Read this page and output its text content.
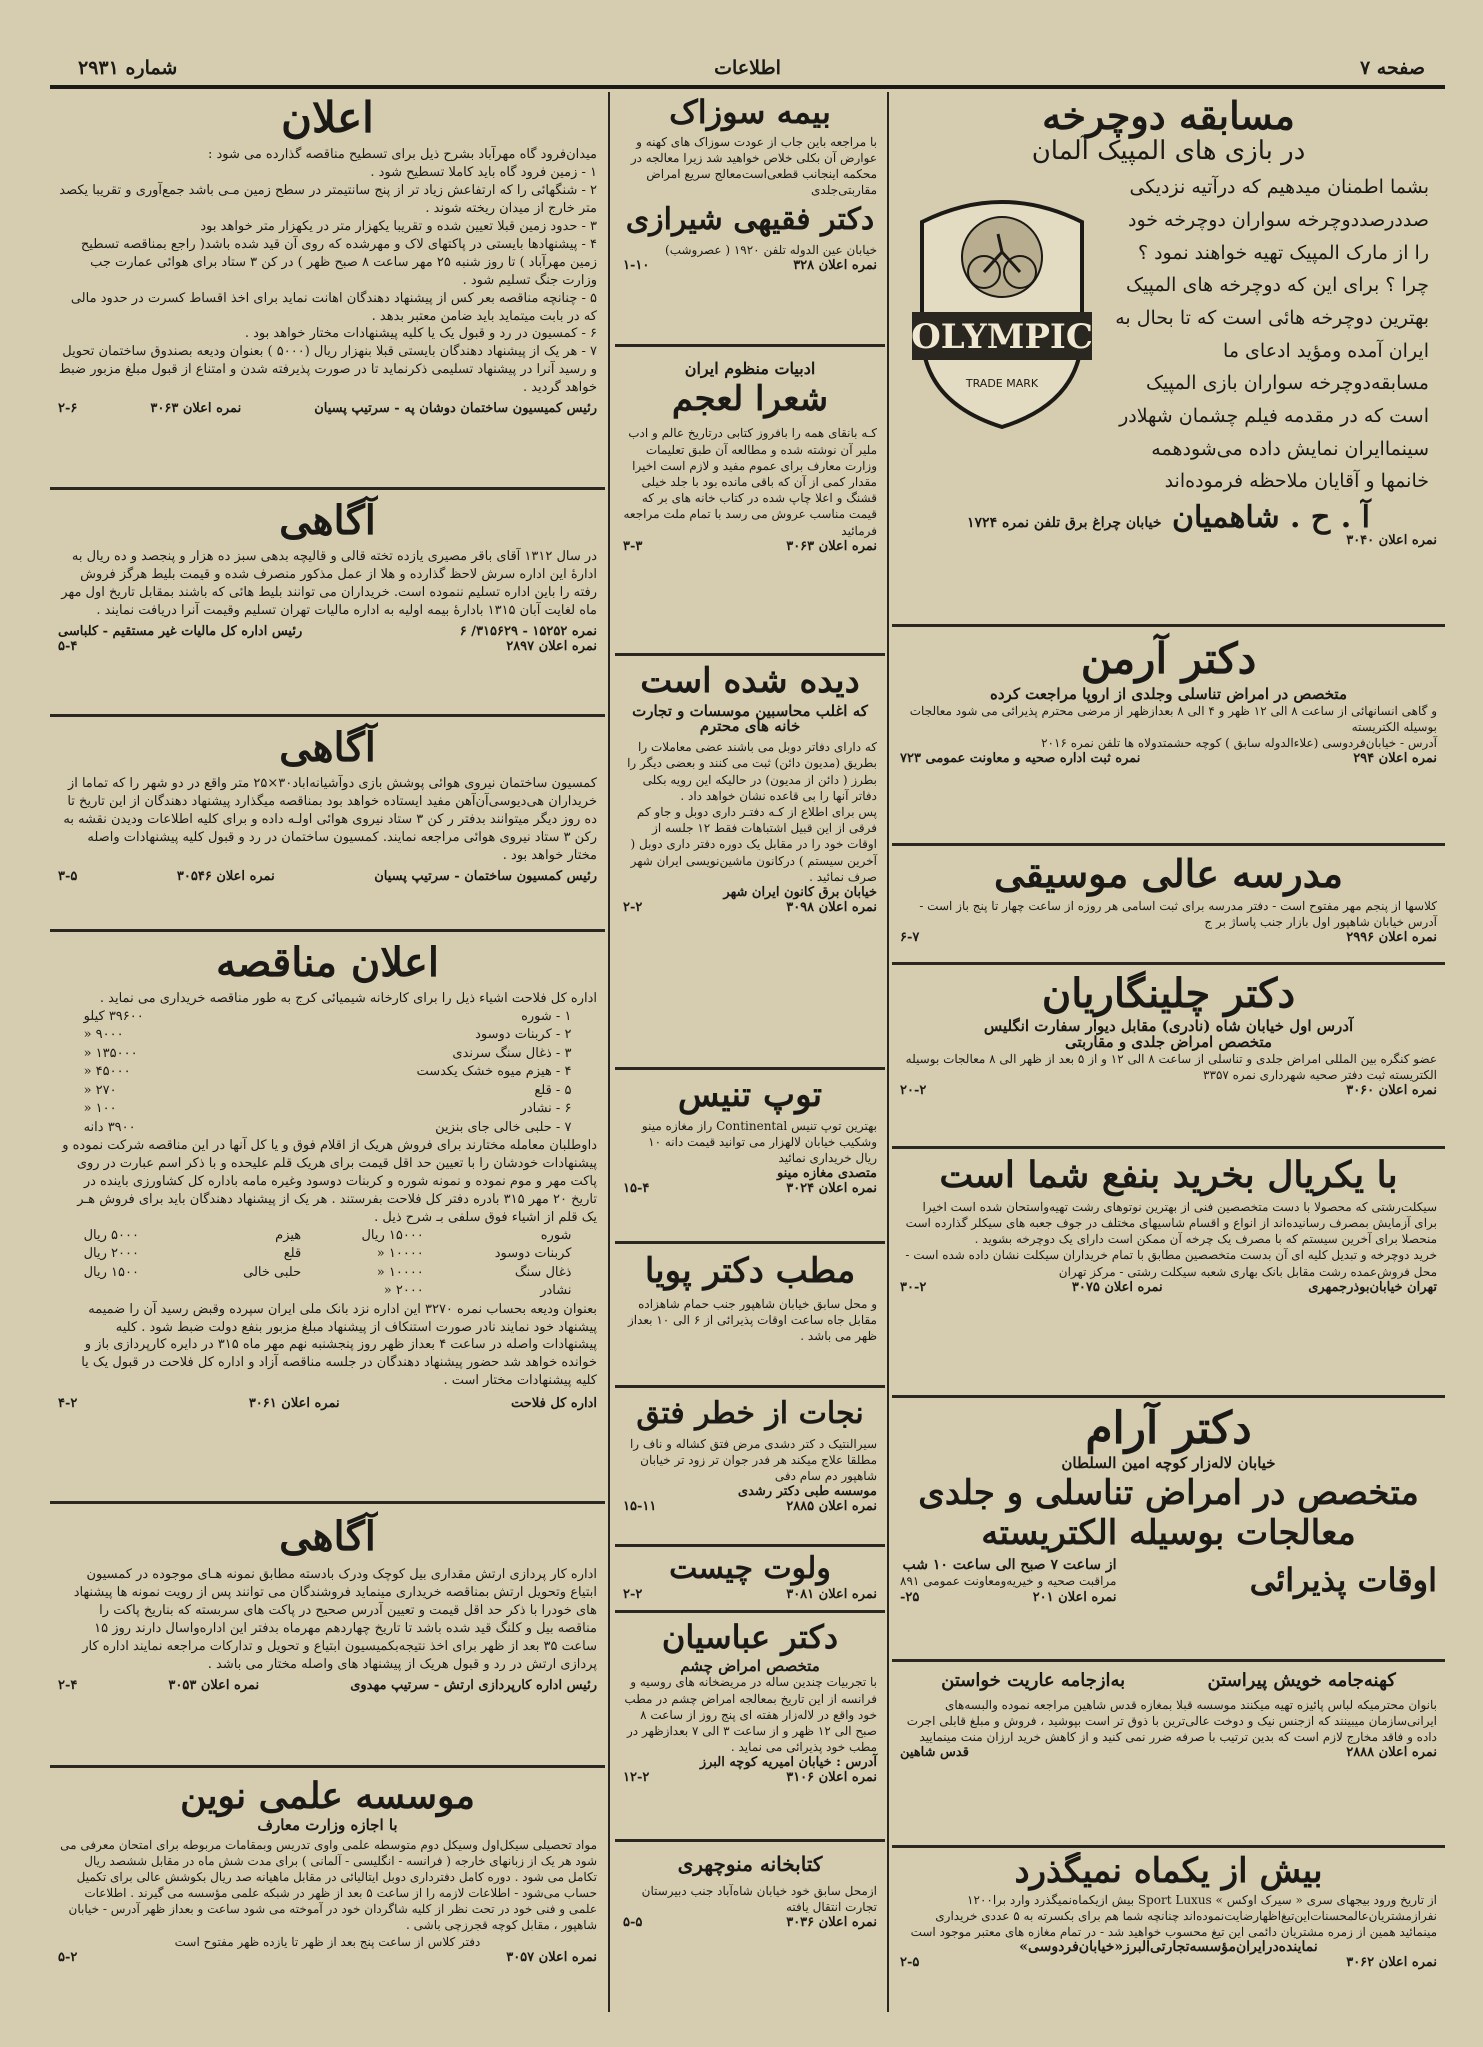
صفحه ۷
اطلاعات
شماره ۲۹۳۱
اعلان
میدان‌فرود گاه مهرآباد بشرح ذیل برای تسطیح مناقصه گذارده می شود :
۱ - زمین فرود گاه باید کاملا تسطیح شود .
۲ - شنگهائی را که ارتفاعش زیاد تر از پنج سانتیمتر در سطح زمین مـی باشد جمع‌آوری و تقریبا یکصد متر خارج از میدان ریخته شوند .
۳ - حدود زمین قبلا تعیین شده و تقریبا یکهزار متر در یکهزار متر خواهد بود
۴ - پیشنهادها بایستی در پاکتهای لاک و مهرشده که روی آن قید شده باشد( راجع بمناقصه تسطیح زمین مهرآباد ) تا روز شنبه ۲۵ مهر ساعت ۸ صبح ظهر ) در کن ۳ ستاد برای هوائی عمارت جب وزارت جنگ تسلیم شود .
۵ - چنانچه مناقصه بعر کس از پیشنهاد دهندگان اهانت نماید برای اخذ اقساط کسرت در حدود مالی که در بابت میتماید باید ضامن معتبر بدهد .
۶ - کمسیون در رد و قبول یک یا کلیه پیشنهادات مختار خواهد بود .
۷ - هر یک از پیشنهاد دهندگان بایستی قبلا بنهزار ریال (۵۰۰۰ ) بعنوان ودیعه بصندوق ساختمان تحویل و رسید آنرا در پیشنهاد تسلیمی ذکرنماید تا در صورت پذیرفته شدن و امتناع از قبول مبلغ مزبور ضبط خواهد گردید .
رئیس کمیسیون ساختمان دوشان په - سرتیپ پسیان
نمره اعلان ۳۰۶۳
۲-۶
آگاهی
در سال ۱۳۱۲ آقای باقر مصیری یازده تخته قالی و قالیچه بدهی سبز ده هزار و پنجصد و ده ریال به ادارهٔ این اداره سرش لاحظ گذارده و هلا از عمل مذکور منصرف شده و قیمت بلیط هرگز فروش رفته را باین اداره تسلیم ننموده است. خریداران می توانند بلیط هائی که باشند بمقابل تاریخ اول مهر ماه لغایت آبان ۱۳۱۵ بادارهٔ بیمه اولیه به اداره مالیات تهران تسلیم وقیمت آنرا دریافت نمایند .
نمره ۱۵۲۵۲ - ۳۱۵۶۲۹/ ۶
رئیس اداره کل مالیات غیر مستقیم - کلباسی
نمره اعلان ۲۸۹۷
۵-۴
آگاهی
کمسیون ساختمان نیروی هوائی پوشش بازی دوآشیانه‌اباد۳۰×۲۵ متر واقع در دو شهر را که تماما از خریداران هی‌دیوسی‌آن‌آهن مفید ایستاده خواهد بود بمناقصه میگذارد پیشنهاد دهندگان از این تاریخ تا ده روز دیگر میتوانند بدفتر ر کن ۳ ستاد نیروی هوائی اولـه داده و برای کلیه اطلاعات ودیدن نقشه به رکن ۳ ستاد نیروی هوائی مراجعه نمایند. کمسیون ساختمان در رد و قبول کلیه پیشنهادات واصله مختار خواهد بود .
رئیس کمسیون ساختمان - سرتیپ پسیان
نمره اعلان ۳۰۵۴۶
۳-۵
اعلان مناقصه
اداره کل فلاحت اشیاء ذیل را برای کارخانه شیمیائی کرج به طور مناقصه خریداری می نماید .
۱ - شوره	۳۹۶۰۰ کیلو
۲ - کربنات دوسود	۹۰۰۰ «
۳ - ذغال سنگ سرندی	۱۳۵۰۰۰ «
۴ - هیزم میوه خشک یکدست	۴۵۰۰۰ «
۵ - قلع	۲۷۰ «
۶ - نشادر	۱۰۰ «
۷ - حلبی خالی جای بنزین	۳۹۰۰ دانه
داوطلبان معامله مختارند برای فروش هریک از اقلام فوق و یا کل آنها در این مناقصه شرکت نموده و پیشنهادات خودشان را با تعیین حد اقل قیمت برای هریک قلم علیحده و با ذکر اسم عبارت در روی پاکت مهر و موم نموده و نمونه شوره و کربنات دوسود وغیره مامه باداره کل کشاورزی باینده در تاریخ ۲۰ مهر ۳۱۵ بادره دفتر کل فلاحت بفرستند . هر یک از پیشنهاد دهندگان باید برای فروش هـر یک قلم از اشیاء فوق سلفی بـ شرح ذیل .
شوره	۱۵۰۰۰ ریال	هیزم	۵۰۰۰ ریال
کربنات دوسود	۱۰۰۰۰ «	قلع	۲۰۰۰ ریال
ذغال سنگ	۱۰۰۰۰ «	حلبی خالی	۱۵۰۰ ریال
نشادر	۲۰۰۰ «		
بعنوان ودیعه بحساب نمره ۳۲۷۰ این اداره نزد بانک ملی ایران سپرده وقبض رسید آن را ضمیمه پیشنهاد خود نمایند نادر صورت استنکاف از پیشنهاد مبلغ مزبور بنفع دولت ضبط شود . کلیه پیشنهادات واصله در ساعت ۴ بعداز ظهر روز پنجشنبه نهم مهر ماه ۳۱۵ در دایره کارپردازی باز و خوانده خواهد شد حضور پیشنهاد دهندگان در جلسه مناقصه آزاد و اداره کل فلاحت در قبول یک یا کلیه پیشنهادات مختار است .
اداره کل فلاحت
نمره اعلان ۳۰۶۱
۴-۲
آگاهی
اداره کار پردازی ارتش مقداری بیل کوچک ودرک بادسته مطابق نمونه هـای موجوده در کمسیون ابتیاع وتحویل ارتش بمناقصه خریداری مینماید فروشندگان می توانند پس از رویت نمونه ها پیشنهاد های خودرا با ذکر حد اقل قیمت و تعیین آدرس صحیح در پاکت های سربسته که بناریخ پاکت را مناقصه بیل و کلنگ قید شده باشد تا تاریخ چهاردهم مهرماه بدفتر این اداره‌واسال دارند روز ۱۵ ساعت ۳۵ بعد از ظهر برای اخذ نتیجه‌بکمیسیون ابتیاع و تحویل و تدارکات مراجعه نمایند اداره کار پردازی ارتش در رد و قبول هریک از پیشنهاد های واصله مختار می باشد .
رئیس اداره کارپردازی ارتش - سرتیپ مهدوی
نمره اعلان ۳۰۵۳
۲-۴
موسسه علمی نوین
با اجازه وزارت معارف
مواد تحصیلی سیکل‌اول وسیکل دوم متوسطه علمی واوی تدریس وبمقامات مربوطه برای امتحان معرفی می شود هر یک از زبانهای خارجه ( فرانسه - انگلیسی - آلمانی ) برای مدت شش ماه در مقابل ششصد ریال تکامل می شود . دوره کامل دفترداری دوبل ایتالیائی در مقابل ماهیانه صد ریال بکوشش عالی برای تکمیل حساب می‌شود - اطلاعات لازمه را از ساعت ۵ بعد از ظهر در شبکه علمی مؤسسه می گیرند . اطلاعات علمی و فنی خود در تحت نظر از کلیه شاگردان خود در آموخته می شود ساعت و بعداز ظهر آدرس - خیابان شاهپور ، مقابل کوچه قجرزچی باشی .
دفتر کلاس از ساعت پنج بعد از ظهر تا یازده ظهر مفتوح است
نمره اعلان ۳۰۵۷
۵-۲
بیمه سوزاک
با مراجعه باین جاب از عودت سوزاک های کهنه و عوارض آن بکلی خلاص خواهید شد زیرا معالجه در محکمه اینجانب قطعی‌است‌معالج سریع امراض مقاربتی‌جلدی
دکتر فقیهی شیرازی
خیابان عین الدوله تلفن ۱۹۲۰ ( عصروشب)
نمره اعلان ۳۲۸
۱-۱۰
ادبیات منظوم ایران
شعرا لعجم
کـه بانقای همه را بافروز کتابی درتاریخ عالم و ادب ملیر آن نوشته شده و مطالعه آن طبق تعلیمات وزارت معارف برای عموم مفید و لازم است اخیرا مقدار کمی از آن که باقی مانده بود با جلد خیلی قشنگ و اعلا چاپ شده در کتاب خانه های بر که قیمت مناسب عروش می رسد با تمام ملت مراجعه فرمائید
نمره اعلان ۳۰۶۳
۳-۳
دیده شده است
که اغلب محاسبین موسسات و تجارت خانه های محترم
که دارای دفاتر دوبل می باشند عضی معاملات را بطریق (مدیون دائن) ثبت می کنند و بعضی دیگر را بطرز ( دائن از مدیون) در حالیکه این رویه بکلی دفاتر آنها را بی قاعده نشان خواهد داد .
پس برای اطلاع از کـه دفتـر داری دوبل و جاو کم فرقی از این قبیل اشتباهات فقط ۱۲ جلسه از اوقات خود را در مقابل یک دوره دفتر داری دوبل ( آخرین سیستم ) درکانون ماشین‌نویسی ایران شهر صرف نمائید .
خیابان برق کانون ایران شهر
نمره اعلان ۳۰۹۸
۲-۲
توپ تنیس
بهترین توپ تنیس Continental راز مغازه مینو وشکیب خیابان لالهزار می توانید قیمت دانه ۱۰ ریال خریداری نمائید
متصدی مغازه مینو
نمره اعلان ۳۰۲۴
۱۵-۴
مطب دکتر پویا
و محل سابق خیابان شاهپور جنب حمام شاهزاده مقابل جاه ساعت اوقات پذیرائی از ۶ الی ۱۰ بعداز ظهر می باشد .
نجات از خطر فتق
سیرالنتیک د کتر دشدی مرض فتق کشاله و ناف را مطلقا علاج میکند هر فدر جوان تر زود تر خیابان شاهپور دم سام دفی
موسسه طبی دکتر رشدی
نمره اعلان ۲۸۸۵
۱۵-۱۱
ولوت چیست
نمره اعلان ۳۰۸۱
۲-۲
دکتر عباسیان
متخصص امراض چشم
با تجربیات چندین ساله در مریضخانه های روسیه و فرانسه از این تاریخ بمعالجه امراض چشم در مطب خود واقع در لاله‌زار هفته ای پنج روز از ساعت ۸ صبح الی ۱۲ ظهر و از ساعت ۳ الی ۷ بعداز‌ظهر در مطب خود پذیرائی می نماید .
آدرس : خیابان امیریه کوچه البرز
نمره اعلان ۳۱۰۶
۱۲-۲
کتابخانه منوچهری
ازمحل سابق خود خیابان شاه‌آباد جنب دبیرستان تجارت انتقال یافته
نمره اعلان ۳۰۳۶
۵-۵
مسابقه دوچرخه
در بازی های المپیک آلمان
بشما اطمنان میدهیم که درآتیه نزدیکی صددرصددوچرخه سواران دوچرخه خود را از مارک المپیک تهیه خواهند نمود ؟ چرا ؟ برای این که دوچرخه های المپیک بهترین دوچرخه هائی است که تا بحال به ایران آمده ومؤید ادعای ما مسابقه‌دوچرخه سواران بازی المپیک است که در مقدمه فیلم چشمان شهلادر سینماایران نمایش داده می‌شودهمه خانمها و آقایان ملاحظه فرموده‌اند
آ . ح . شاهمیان خیابان چراغ برق تلفن نمره ۱۷۲۴
نمره اعلان ۳۰۴۰
OLYMPIC
TRADE MARK
دکتر آرمن
متخصص در امراض تناسلی وجلدی از اروپا مراجعت کرده
و گاهی انسانهائی از ساعت ۸ الی ۱۲ ظهر و ۴ الی ۸ بعدازظهر از مرضی محترم پذیرائی می شود معالجات بوسیله الکتریسته
آدرس - خیابان‌فردوسی (علاءالدوله سابق ) کوچه حشمتدولاه ها تلفن نمره ۲۰۱۶
نمره اعلان ۲۹۴
نمره ثبت اداره صحیه و معاونت عمومی ۷۲۳
مدرسه عالی موسیقی
کلاسها از پنجم مهر مفتوح است - دفتر مدرسه برای ثبت اسامی هر روزه از ساعت چهار تا پنج باز است - آدرس خیابان شاهپور اول بازار جنب پاساژ بر ج
نمره اعلان ۲۹۹۶
۶-۷
دکتر چلینگاریان
آدرس اول خیابان شاه (نادری) مقابل دیوار سفارت انگلیس
متخصص امراض جلدی و مقاربتی
عضو کنگره بین المللی امراض جلدی و تناسلی از ساعت ۸ الی ۱۲ و از ۵ بعد از ظهر الی ۸ معالجات بوسیله الکتریسته ثبت دفتر صحیه شهرداری نمره ۳۳۵۷
نمره اعلان ۳۰۶۰
۲۰-۲
با یکریال بخرید بنفع شما است
سیکلت‌رشتی که محصولا با دست متخصصین فنی از بهترین نوتوهای رشت تهیه‌واستحان شده است اخیرا برای آزمایش بمصرف رسانیده‌اند از انواع و اقسام شاسیهای مختلف در جوف جعبه های سیکلر گذارده است منحصلا برای آخرین سیستم که با مصرف یک چرخه آن ممکن است دارای یک دوچرخه بشوید .
خرید دوچرخه و تبدیل کلیه ای آن بدست متخصصین مطابق با تمام خریداران سیکلت نشان داده شده است - محل فروش‌عمده رشت مقابل بانک بهاری شعبه سیکلت رشتی - مرکز تهران
تهران خیابان‌بوذرجمهری
نمره اعلان ۳۰۷۵
۳۰-۲
دکتر آرام
خیابان لاله‌زار کوچه امین السلطان
متخصص در امراض تناسلی و جلدی
معالجات بوسیله الکتریسته
اوقات پذیرائی
از ساعت ۷ صبح الی ساعت ۱۰ شب
مراقبت صحیه و خیریه‌ومعاونت عمومی ۸۹۱
نمره اعلان ۲۰۱
۲۵-
کهنه‌جامه خویش پیراستن
به‌ازجامه عاریت خواستن
بانوان محترمیکه لباس پائیزه تهیه میکنند موسسه قبلا بمغازه قدس شاهین مراجعه نموده والبسه‌های ایرانی‌سازمان میبینند که ازجنس نیک و دوخت عالی‌ترین با ذوق تر است بپوشید ، فروش و مبلغ قابلی اجرت داده و فاقد مخارج لازم است که بدین ترتیب با صرفه ضرر نمی کنید و از کاهش خرید ارزان منت مینمایید
نمره اعلان ۲۸۸۸
قدس شاهین
بیش از یکماه نمیگذرد
از تاریخ ورود بیجهای سری « سیرک اوکس » Sport Luxus بیش ازیکماه‌نمیگذرد وارد‌ برا۱۲۰۰ نفرازمشتریان‌عالمحسنات‌این‌تیغ‌اظهارضایت‌نموده‌اند چنانچه شما هم برای بکسرته به ۵ عددی خریداری مینمائید همین از زمره مشتریان دائمی این تیغ محسوب خواهید شد - در تمام مغازه های معتبر موجود است
نماینده‌در‌ایران‌مؤسسه‌تجارتی‌البرز«خیابان‌فردوسی»
نمره اعلان ۳۰۶۲
۲-۵
